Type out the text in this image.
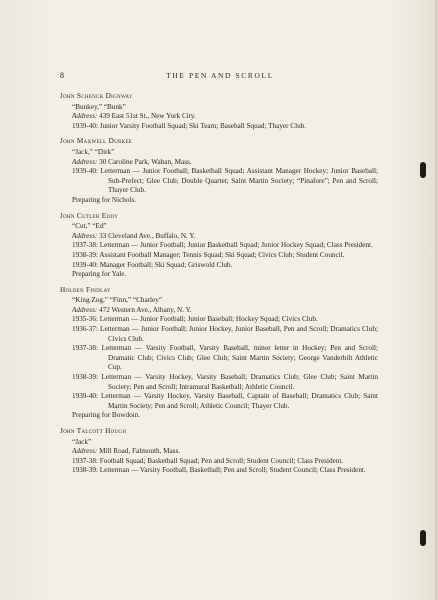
8	THE PEN AND SCROLL
John Schenck Dignway
“Bunkey,” “Bunk”
Address: 439 East 51st St., New York City.
1939-40: Junior Varsity Football Squad; Ski Team; Baseball Squad; Thayer Club.
John Maxwell Durkee
“Jack,” “Dirk”
Address: 30 Caroline Park, Waban, Mass.
1939-40: Letterman — Junior Football; Basketball Squad; Assistant Manager Hockey; Junior Baseball; Sub-Prefect; Glee Club; Double Quartet; Saint Martin Society; “Pinafore”; Pen and Scroll; Thayer Club.
Preparing for Nichols.
John Cutler Eddy
“Cut,” “Ed”
Address: 33 Cleveland Ave., Buffalo, N. Y.
1937-38: Letterman — Junior Football; Junior Basketball Squad; Junior Hockey Squad; Class President.
1938-39: Assistant Football Manager; Tennis Squad; Ski Squad; Civics Club; Student Council.
1939-40: Manager Football; Ski Squad; Griswold Club.
Preparing for Yale.
Holden Findlay
“King Zog,” “Finn,” “Charley”
Address: 472 Western Ave., Albany, N. Y.
1935-36: Letterman — Junior Football; Junior Baseball; Hockey Squad; Civics Club.
1936-37: Letterman — Junior Football; Junior Hockey, Junior Baseball, Pen and Scroll; Dramatics Club; Civics Club.
1937-38: Letterman — Varsity Football, Varsity Baseball, minor letter in Hockey; Pen and Scroll; Dramatic Club; Civics Club; Glee Club; Saint Martin Society; George Vanderbilt Athletic Cup.
1938-39: Letterman — Varsity Hockey, Varsity Baseball; Dramatics Club; Glee Club; Saint Martin Society; Pen and Scroll; Intramural Basketball; Athletic Council.
1939-40: Letterman — Varsity Hockey, Varsity Baseball, Captain of Baseball; Dramatics Club; Saint Martin Society; Pen and Scroll; Athletic Council; Thayer Club.
Preparing for Bowdoin.
John Talcott Hough
“Jack”
Address: Mill Road, Falmouth, Mass.
1937-38: Football Squad; Basketball Squad; Pen and Scroll; Student Council; Class President.
1938-39: Letterman — Varsity Football, Basketball; Pen and Scroll; Student Council; Class President.
